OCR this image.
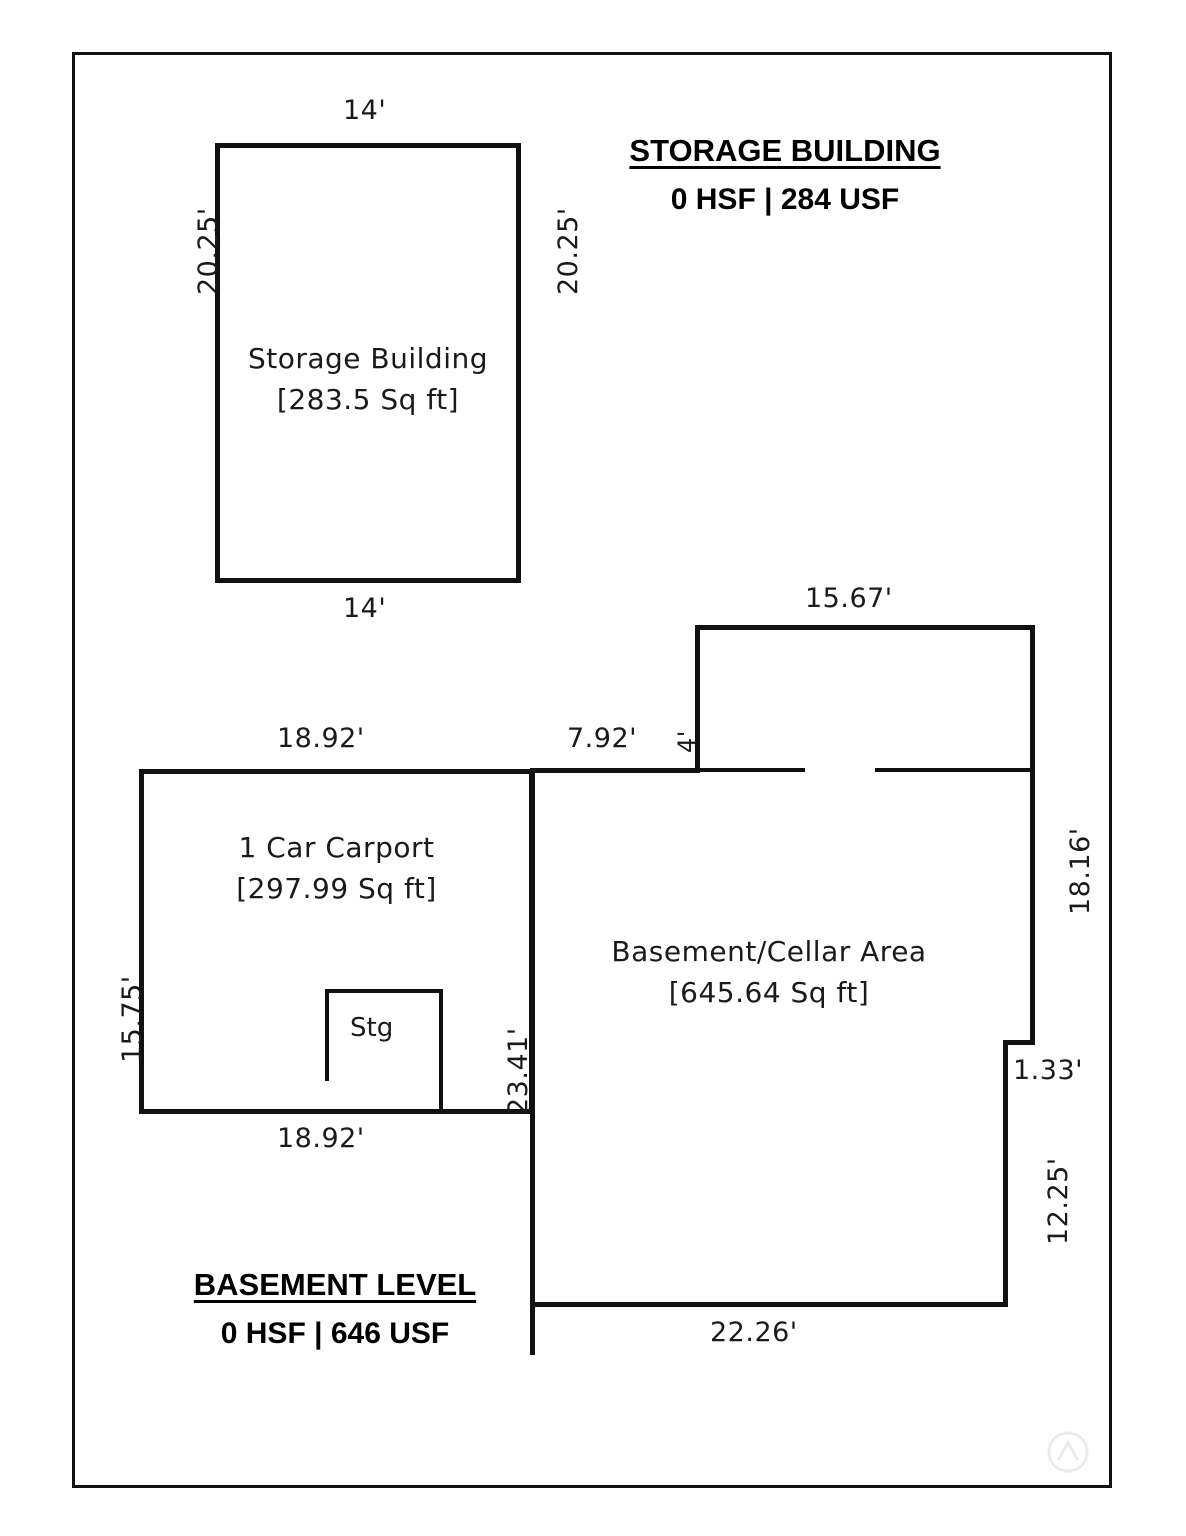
Storage Building
[283.5 Sq ft]
14'
14'
20.25'	20.25'
STORAGE BUILDING
0 HSF | 284 USF
Stg
1 Car Carport
[297.99 Sq ft]
Basement/Cellar Area
[645.64 Sq ft]
18.92'
18.92'
15.75'
23.41'
7.92' 4'
15.67'
18.16'
1.33'
12.25'
22.26'
BASEMENT LEVEL
0 HSF | 646 USF
